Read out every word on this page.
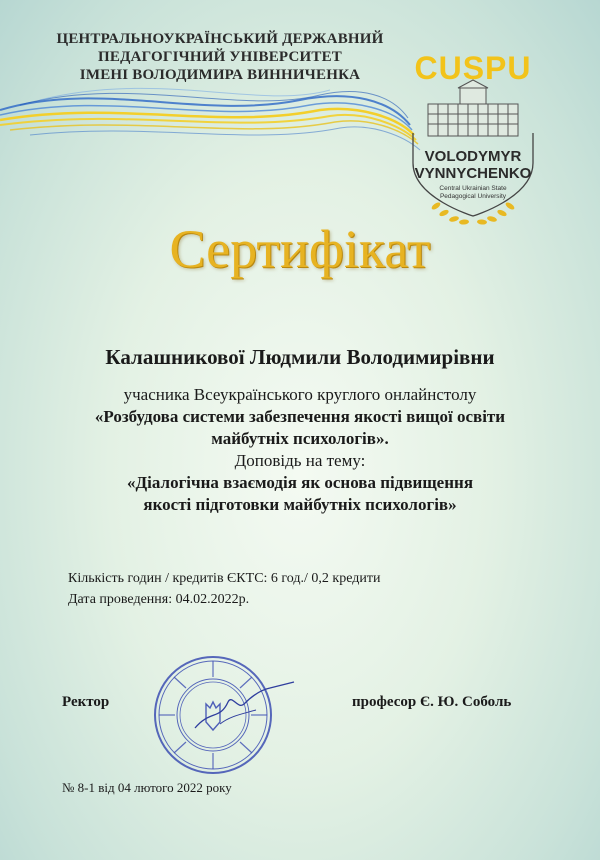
ЦЕНТРАЛЬНОУКРАЇНСЬКИЙ ДЕРЖАВНИЙ
ПЕДАГОГІЧНИЙ УНІВЕРСИТЕТ
ІМЕНІ ВОЛОДИМИРА ВИННИЧЕНКА	CUSPU
VOLODYMYR
VYNNYCHENKO
Central Ukrainian State
Pedagogical University
Сертифікат
Калашникової Людмили Володимирівни
учасника Всеукраїнського круглого онлайнстолу
«Розбудова системи забезпечення якості вищої освіти
майбутніх психологів».
Доповідь на тему:
«Діалогічна взаємодія як основа підвищення
якості підготовки майбутніх психологів»
Кількість годин / кредитів ЄКТС: 6 год./ 0,2 кредити
Дата проведення: 04.02.2022р.
Ректор	професор Є. Ю. Соболь
№ 8-1 від 04 лютого 2022 року
